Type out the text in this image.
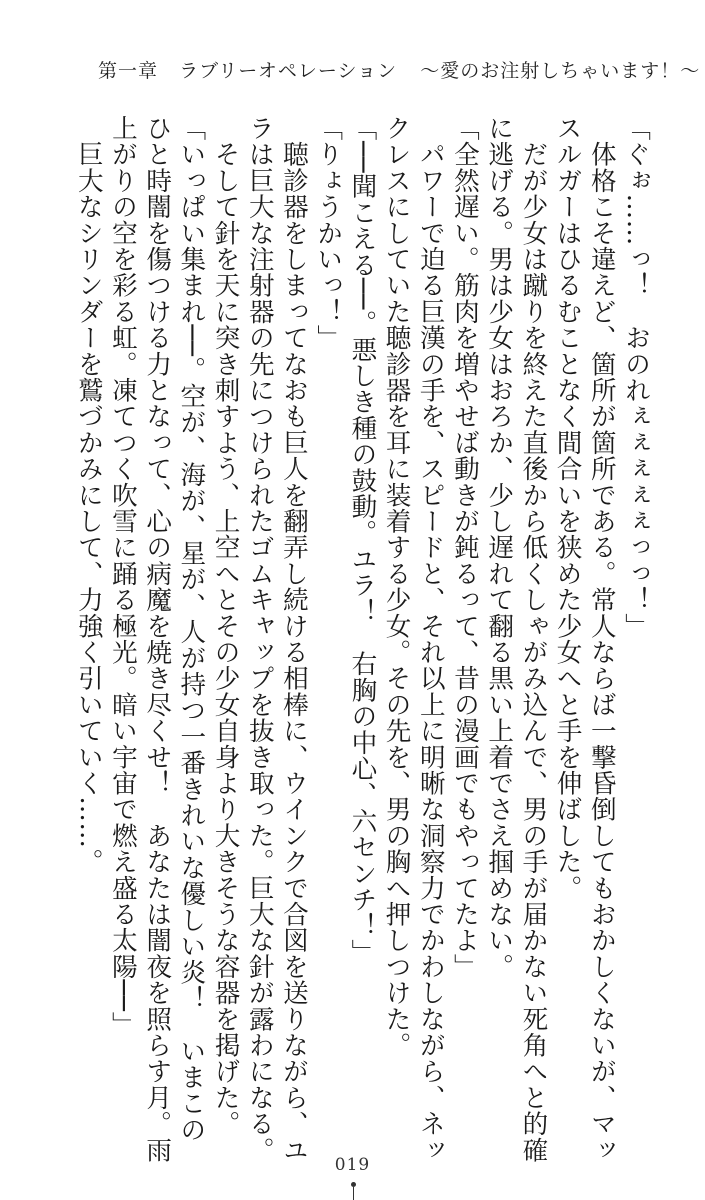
第一章 ラブリーオペレーション 〜愛のお注射しちゃいます！〜
「ぐぉ……っ！　おのれぇぇぇぇぇっっ！」
　体格こそ違えど、箇所が箇所である。常人ならば一撃昏倒してもおかしくないが、マッ
スルガーはひるむことなく間合いを狭めた少女へと手を伸ばした。
　だが少女は蹴りを終えた直後から低くしゃがみ込んで、男の手が届かない死角へと的確
に逃げる。男は少女はおろか、少し遅れて翻る黒い上着でさえ掴めない。
「全然遅い。筋肉を増やせば動きが鈍るって、昔の漫画でもやってたよ」
　パワーで迫る巨漢の手を、スピードと、それ以上に明晰な洞察力でかわしながら、ネッ
クレスにしていた聴診器を耳に装着する少女。その先を、男の胸へ押しつけた。
「──聞こえる──。悪しき種の鼓動。ユラ！　右胸の中心、六センチ！」
「りょうかいっ！」
　聴診器をしまってなおも巨人を翻弄し続ける相棒に、ウインクで合図を送りながら、ユ
ラは巨大な注射器の先につけられたゴムキャップを抜き取った。巨大な針が露わになる。
　そして針を天に突き刺すよう、上空へとその少女自身より大きそうな容器を掲げた。
「いっぱい集まれ──。空が、海が、星が、人が持つ一番きれいな優しい炎！　いまこの
ひと時闇を傷つける力となって、心の病魔を焼き尽くせ！　あなたは闇夜を照らす月。雨
上がりの空を彩る虹。凍てつく吹雪に踊る極光。暗い宇宙で燃え盛る太陽──」
　巨大なシリンダーを鷲づかみにして、力強く引いていく……。
019
